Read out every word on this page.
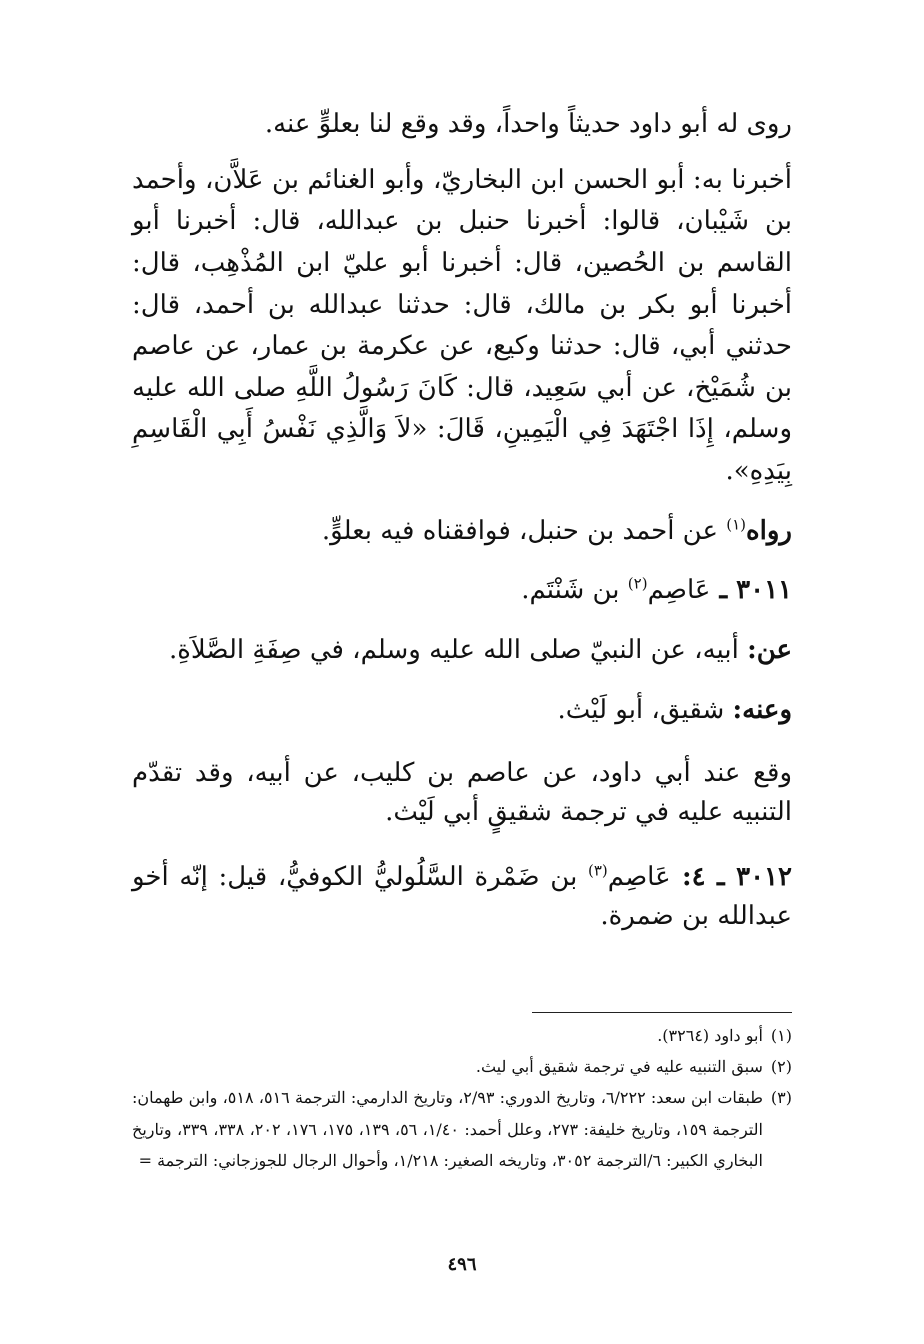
روى له أبو داود حديثاً واحداً، وقد وقع لنا بعلوٍّ عنه.

أخبرنا به: أبو الحسن ابن البخاريّ، وأبو الغنائم بن عَلاَّن، وأحمد بن شَيْبان، قالوا: أخبرنا حنبل بن عبدالله، قال: أخبرنا أبو القاسم بن الحُصين، قال: أخبرنا أبو عليّ ابن المُذْهِب، قال: أخبرنا أبو بكر بن مالك، قال: حدثنا عبدالله بن أحمد، قال: حدثني أبي، قال: حدثنا وكيع، عن عكرمة بن عمار، عن عاصم بن شُمَيْخ، عن أبي سَعِيد، قال: كَانَ رَسُولُ اللَّهِ صلى الله عليه وسلم، إِذَا اجْتَهَدَ فِي الْيَمِينِ، قَالَ: «لاَ وَالَّذِي نَفْسُ أَبِي الْقَاسِمِ بِيَدِهِ».

رواه$^{(١)}$ عن أحمد بن حنبل، فوافقناه فيه بعلوٍّ.

٣٠١١ ـ عَاصِم$^{(٢)}$ بن شَنْتَم.

عن: أبيه، عن النبيّ صلى الله عليه وسلم، في صِفَةِ الصَّلاَةِ.

وعنه: شقيق، أبو لَيْث.

وقع عند أبي داود، عن عاصم بن كليب، عن أبيه، وقد تقدّم التنبيه عليه في ترجمة شقيقٍ أبي لَيْث.

٣٠١٢ ـ ٤: عَاصِم$^{(٣)}$ بن ضَمْرة السَّلُوليُّ الكوفيُّ، قيل: إنّه أخو عبدالله بن ضمرة.

(١)
أبو داود (٣٢٦٤).
(٢)
سبق التنبيه عليه في ترجمة شقيق أبي ليث.
(٣)
طبقات ابن سعد: ٦/٢٢٢، وتاريخ الدوري: ٢/٩٣، وتاريخ الدارمي: الترجمة ٥١٦، ٥١٨، وابن طهمان: الترجمة ١٥٩، وتاريخ خليفة: ٢٧٣، وعلل أحمد: ١/٤٠، ٥٦، ١٣٩، ١٧٥، ١٧٦، ٢٠٢، ٣٣٨، ٣٣٩، وتاريخ البخاري الكبير: ٦/الترجمة ٣٠٥٢، وتاريخه الصغير: ١/٢١٨، وأحوال الرجال للجوزجاني: الترجمة =
٤٩٦
